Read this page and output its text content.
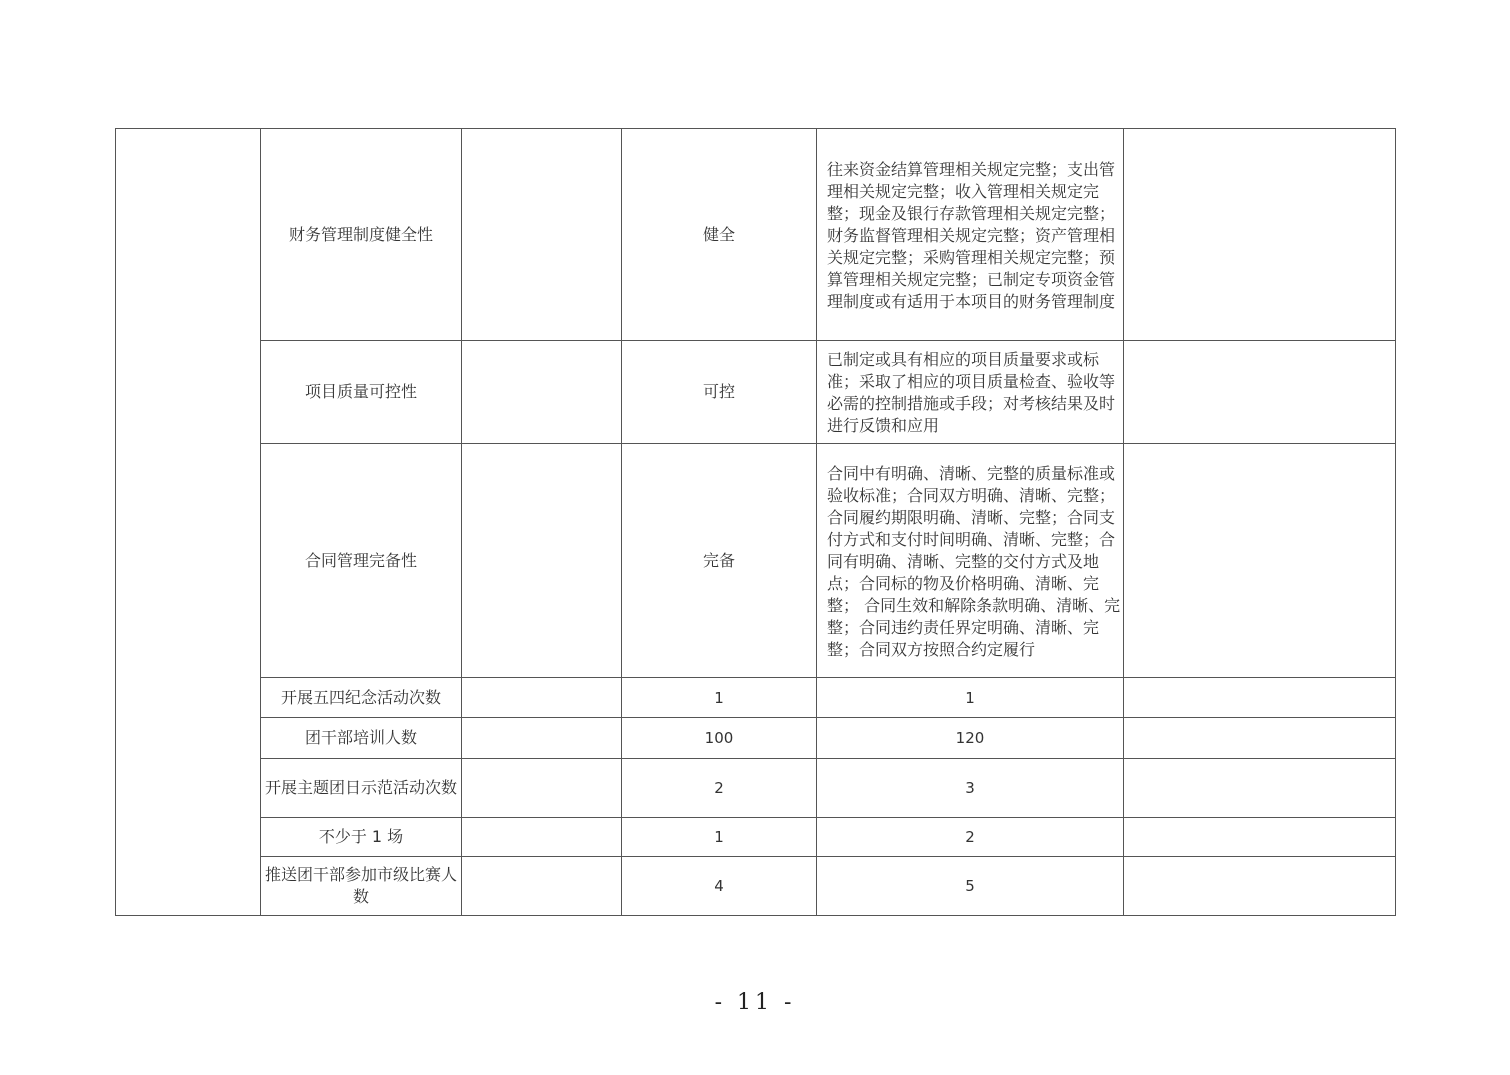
	财务管理制度健全性		健全	往来资金结算管理相关规定完整；支出管理相关规定完整；收入管理相关规定完整；现金及银行存款管理相关规定完整；财务监督管理相关规定完整；资产管理相关规定完整；采购管理相关规定完整；预算管理相关规定完整；已制定专项资金管理制度或有适用于本项目的财务管理制度	
	项目质量可控性		可控	已制定或具有相应的项目质量要求或标准；采取了相应的项目质量检查、验收等必需的控制措施或手段；对考核结果及时进行反馈和应用	
	合同管理完备性		完备	合同中有明确、清晰、完整的质量标准或验收标准；合同双方明确、清晰、完整；合同履约期限明确、清晰、完整；合同支付方式和支付时间明确、清晰、完整；合同有明确、清晰、完整的交付方式及地点；合同标的物及价格明确、清晰、完整； 合同生效和解除条款明确、清晰、完整；合同违约责任界定明确、清晰、完整；合同双方按照合约定履行	
	开展五四纪念活动次数		1	1	
	团干部培训人数		100	120	
	开展主题团日示范活动次数		2	3	
	不少于 1 场		1	2	
	推送团干部参加市级比赛人数		4	5	
- 11 -
